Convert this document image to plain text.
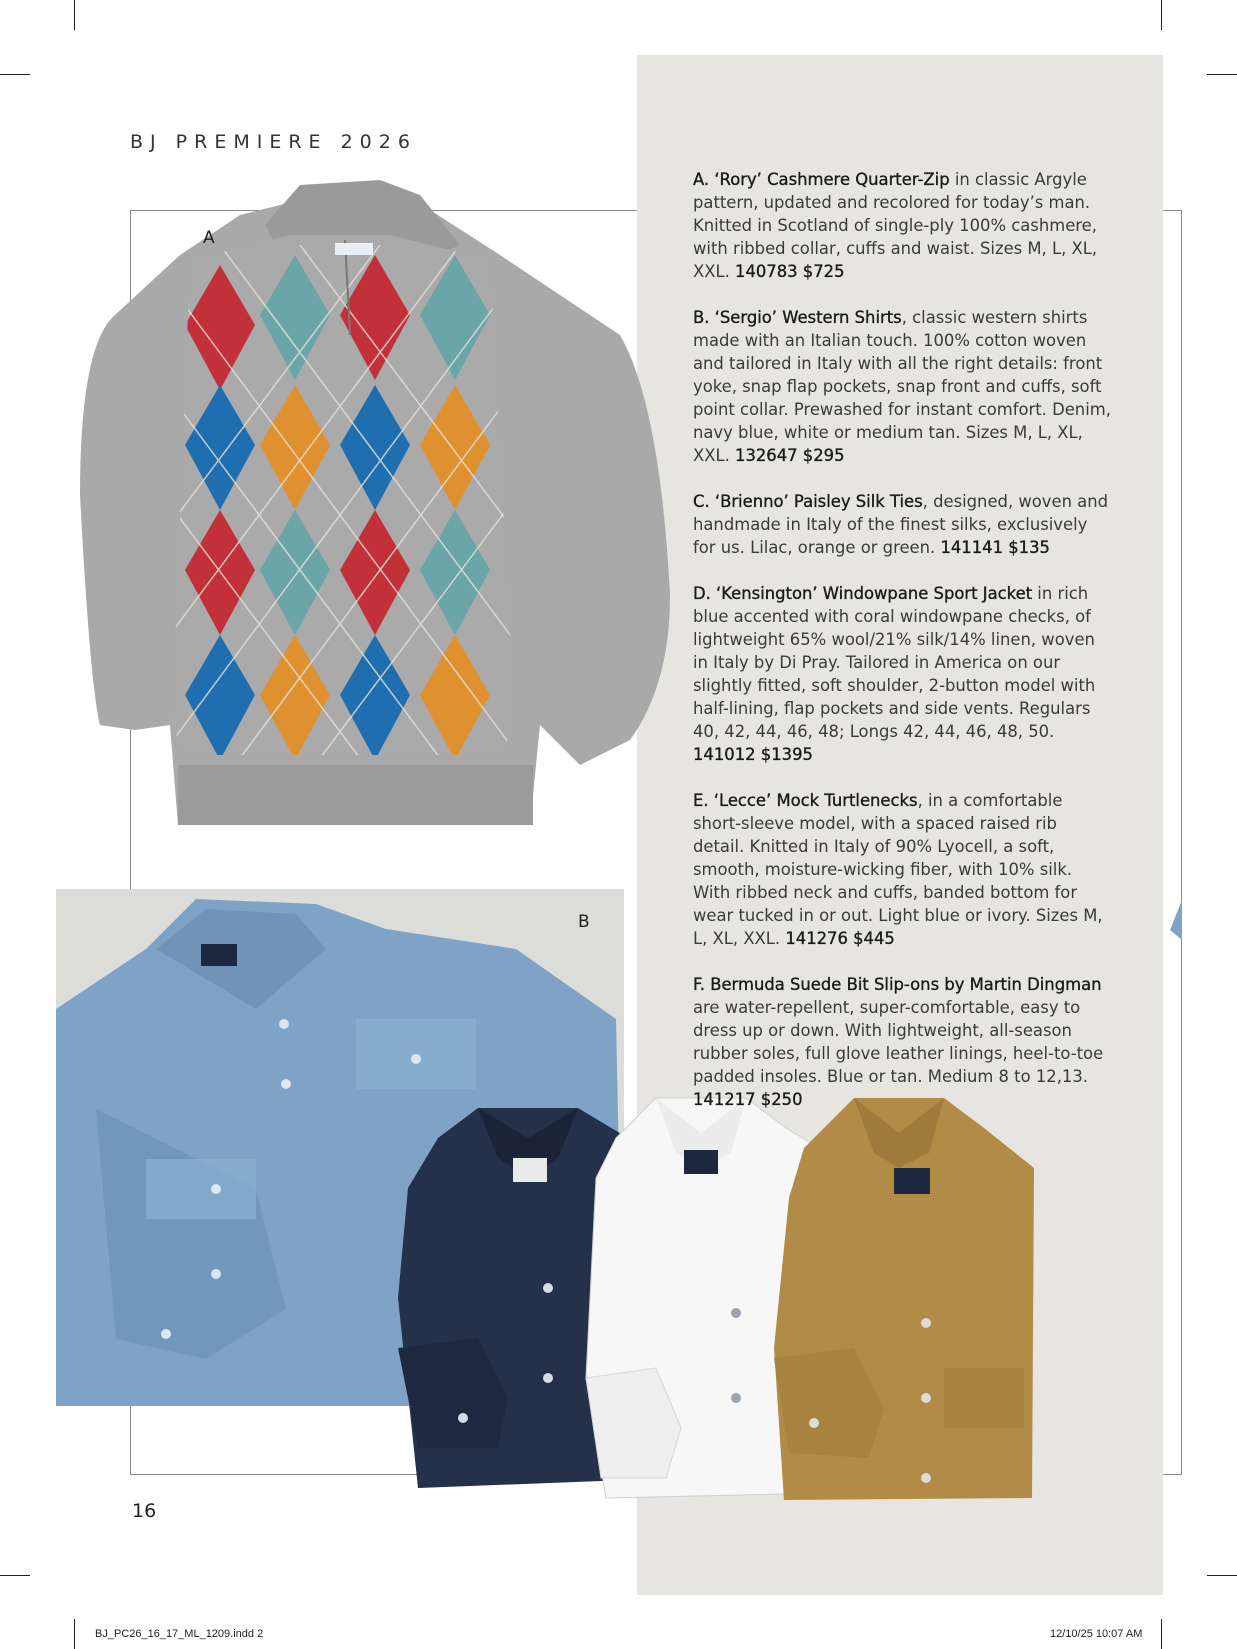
BJ PREMIERE 2026
A
B

A. ‘Rory’ Cashmere Quarter-Zip in classic Argyle pattern, updated and recolored for today’s man. Knitted in Scotland of single-ply 100% cashmere, with ribbed collar, cuffs and waist. Sizes M, L, XL, XXL. 140783 $725

B. ‘Sergio’ Western Shirts, classic western shirts made with an Italian touch. 100% cotton woven and tailored in Italy with all the right details: front yoke, snap flap pockets, snap front and cuffs, soft point collar. Prewashed for instant comfort. Denim, navy blue, white or medium tan. Sizes M, L, XL, XXL. 132647 $295

C. ‘Brienno’ Paisley Silk Ties, designed, woven and handmade in Italy of the finest silks, exclusively for us. Lilac, orange or green. 141141 $135

D. ‘Kensington’ Windowpane Sport Jacket in rich blue accented with coral windowpane checks, of lightweight 65% wool/21% silk/14% linen, woven in Italy by Di Pray. Tailored in America on our slightly fitted, soft shoulder, 2-button model with half-lining, flap pockets and side vents. Regulars 40, 42, 44, 46, 48; Longs 42, 44, 46, 48, 50. 141012 $1395

E. ‘Lecce’ Mock Turtlenecks, in a comfortable short-sleeve model, with a spaced raised rib detail. Knitted in Italy of 90% Lyocell, a soft, smooth, moisture-wicking fiber, with 10% silk. With ribbed neck and cuffs, banded bottom for wear tucked in or out. Light blue or ivory. Sizes M, L, XL, XXL. 141276 $445

F. Bermuda Suede Bit Slip-ons by Martin Dingman are water-repellent, super-comfortable, easy to dress up or down. With lightweight, all-season rubber soles, full glove leather linings, heel-to-toe padded insoles. Blue or tan. Medium 8 to 12,13. 141217 $250

16
BJ_PC26_16_17_ML_1209.indd 2	12/10/25 10:07 AM
